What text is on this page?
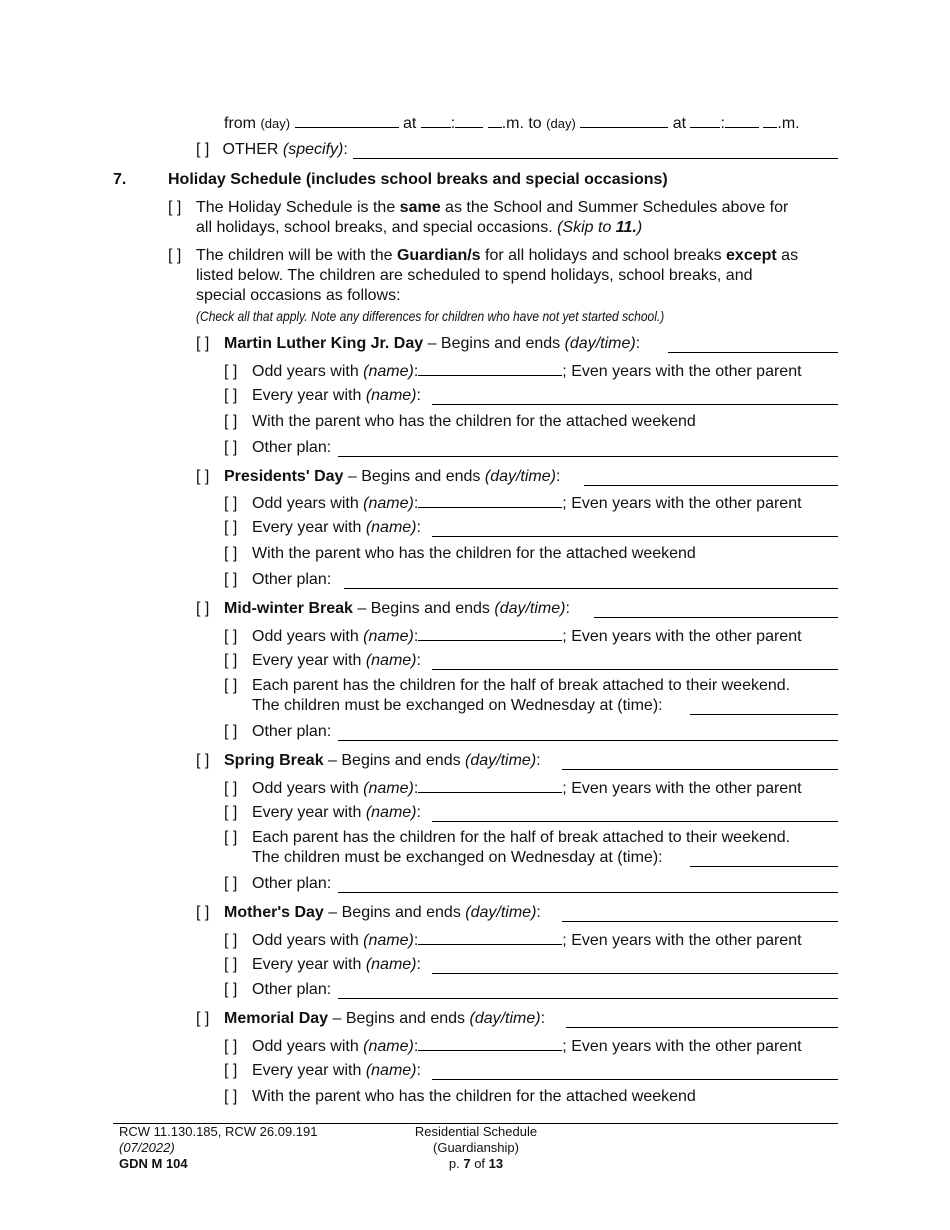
from (day)	at :	.m. to (day)	at :	.m.
[ ] OTHER (specify):
7.	Holiday Schedule (includes school breaks and special occasions)
[ ] The Holiday Schedule is the same as the School and Summer Schedules above for
all holidays, school breaks, and special occasions. (Skip to 11.)
[ ] The children will be with the Guardian/s for all holidays and school breaks except as
listed below. The children are scheduled to spend holidays, school breaks, and
special occasions as follows:
(Check all that apply. Note any differences for children who have not yet started school.)
[ ] Martin Luther King Jr. Day – Begins and ends (day/time):
[ ] Odd years with (name):	; Even years with the other parent
[ ] Every year with (name):
[ ] With the parent who has the children for the attached weekend
[ ] Other plan:
[ ] Presidents' Day – Begins and ends (day/time):
[ ] Odd years with (name):	; Even years with the other parent
[ ] Every year with (name):
[ ] With the parent who has the children for the attached weekend
[ ] Other plan:
[ ] Mid-winter Break – Begins and ends (day/time):
[ ] Odd years with (name):	; Even years with the other parent
[ ] Every year with (name):
[ ] Each parent has the children for the half of break attached to their weekend.
The children must be exchanged on Wednesday at (time):
[ ] Other plan:
[ ] Spring Break – Begins and ends (day/time):
[ ] Odd years with (name):	; Even years with the other parent
[ ] Every year with (name):
[ ] Each parent has the children for the half of break attached to their weekend.
The children must be exchanged on Wednesday at (time):
[ ] Other plan:
[ ] Mother's Day – Begins and ends (day/time):
[ ] Odd years with (name):	; Even years with the other parent
[ ] Every year with (name):
[ ] Other plan:
[ ] Memorial Day – Begins and ends (day/time):
[ ] Odd years with (name):	; Even years with the other parent
[ ] Every year with (name):
[ ] With the parent who has the children for the attached weekend
RCW 11.130.185, RCW 26.09.191
(07/2022)
GDN M 104
Residential Schedule
(Guardianship)
p. 7 of 13
